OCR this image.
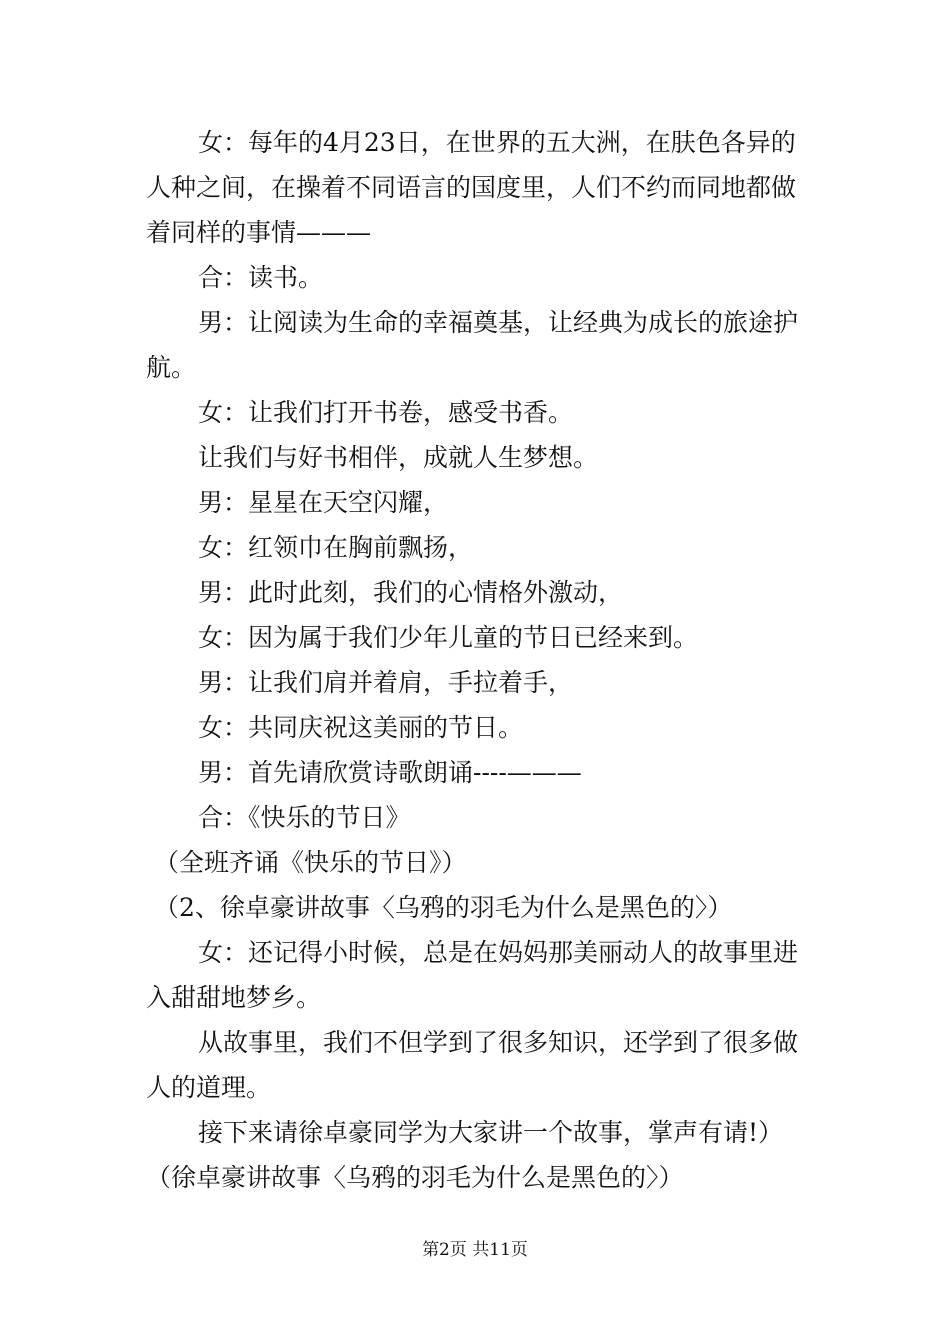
女：每年的4月23日，在世界的五大洲，在肤色各异的人种之间，在操着不同语言的国度里，人们不约而同地都做着同样的事情———

合：读书。

男：让阅读为生命的幸福奠基，让经典为成长的旅途护航。

女：让我们打开书卷，感受书香。

让我们与好书相伴，成就人生梦想。

男：星星在天空闪耀，

女：红领巾在胸前飘扬，

男：此时此刻，我们的心情格外激动，

女：因为属于我们少年儿童的节日已经来到。

男：让我们肩并着肩，手拉着手，

女：共同庆祝这美丽的节日。

男：首先请欣赏诗歌朗诵----———

合：《快乐的节日》

（全班齐诵《快乐的节日》）

（2、徐卓豪讲故事〈乌鸦的羽毛为什么是黑色的〉）

女：还记得小时候，总是在妈妈那美丽动人的故事里进入甜甜地梦乡。

从故事里，我们不但学到了很多知识，还学到了很多做人的道理。

接下来请徐卓豪同学为大家讲一个故事，掌声有请!）

（徐卓豪讲故事〈乌鸦的羽毛为什么是黑色的〉）

第2页 共11页
